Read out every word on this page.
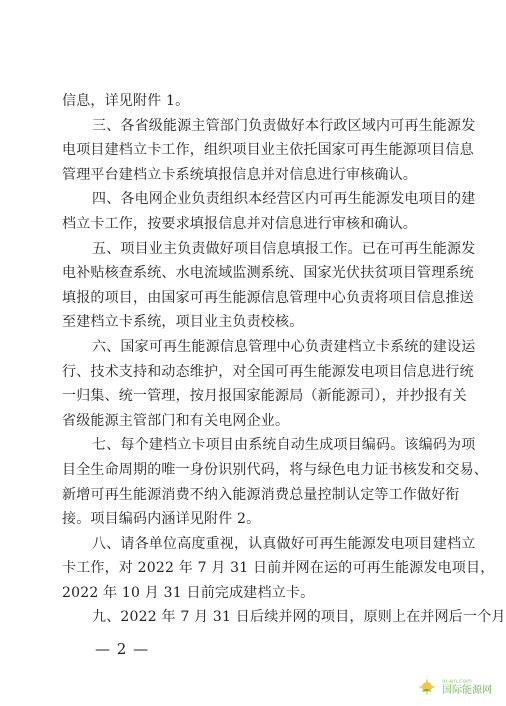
信息，详见附件 1。
三、各省级能源主管部门负责做好本行政区域内可再生能源发
电项目建档立卡工作，组织项目业主依托国家可再生能源项目信息
管理平台建档立卡系统填报信息并对信息进行审核确认。
四、各电网企业负责组织本经营区内可再生能源发电项目的建
档立卡工作，按要求填报信息并对信息进行审核和确认。
五、项目业主负责做好项目信息填报工作。已在可再生能源发
电补贴核查系统、水电流域监测系统、国家光伏扶贫项目管理系统
填报的项目，由国家可再生能源信息管理中心负责将项目信息推送
至建档立卡系统，项目业主负责校核。
六、国家可再生能源信息管理中心负责建档立卡系统的建设运
行、技术支持和动态维护，对全国可再生能源发电项目信息进行统
一归集、统一管理，按月报国家能源局（新能源司），并抄报有关
省级能源主管部门和有关电网企业。
七、每个建档立卡项目由系统自动生成项目编码。该编码为项
目全生命周期的唯一身份识别代码，将与绿色电力证书核发和交易、
新增可再生能源消费不纳入能源消费总量控制认定等工作做好衔
接。项目编码内涵详见附件 2。
八、请各单位高度重视，认真做好可再生能源发电项目建档立
卡工作，对 2022 年 7 月 31 日前并网在运的可再生能源发电项目，
2022 年 10 月 31 日前完成建档立卡。
九、2022 年 7 月 31 日后续并网的项目，原则上在并网后一个月
— 2 —
in-en.com
国际能源网
